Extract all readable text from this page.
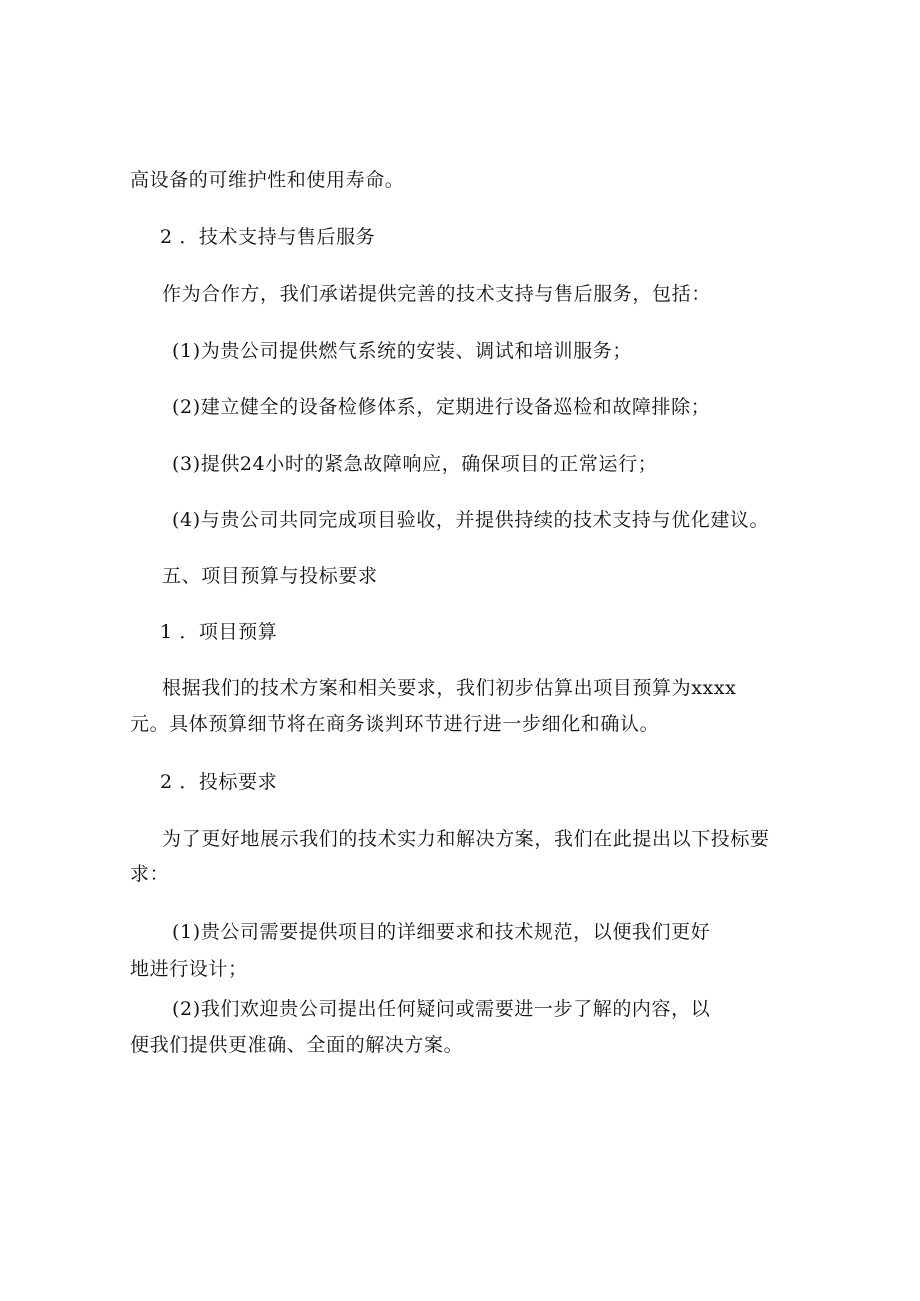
高设备的可维护性和使用寿命。
2 ．技术支持与售后服务
作为合作方，我们承诺提供完善的技术支持与售后服务，包括：
(1)为贵公司提供燃气系统的安装、调试和培训服务；
(2)建立健全的设备检修体系，定期进行设备巡检和故障排除；
(3)提供24小时的紧急故障响应，确保项目的正常运行；
(4)与贵公司共同完成项目验收，并提供持续的技术支持与优化建议。
五、项目预算与投标要求
1 ．项目预算
根据我们的技术方案和相关要求，我们初步估算出项目预算为xxxx
元。具体预算细节将在商务谈判环节进行进一步细化和确认。
2 ．投标要求
为了更好地展示我们的技术实力和解决方案，我们在此提出以下投标要
求：
(1)贵公司需要提供项目的详细要求和技术规范，以便我们更好
地进行设计；
(2)我们欢迎贵公司提出任何疑问或需要进一步了解的内容，以
便我们提供更准确、全面的解决方案。
